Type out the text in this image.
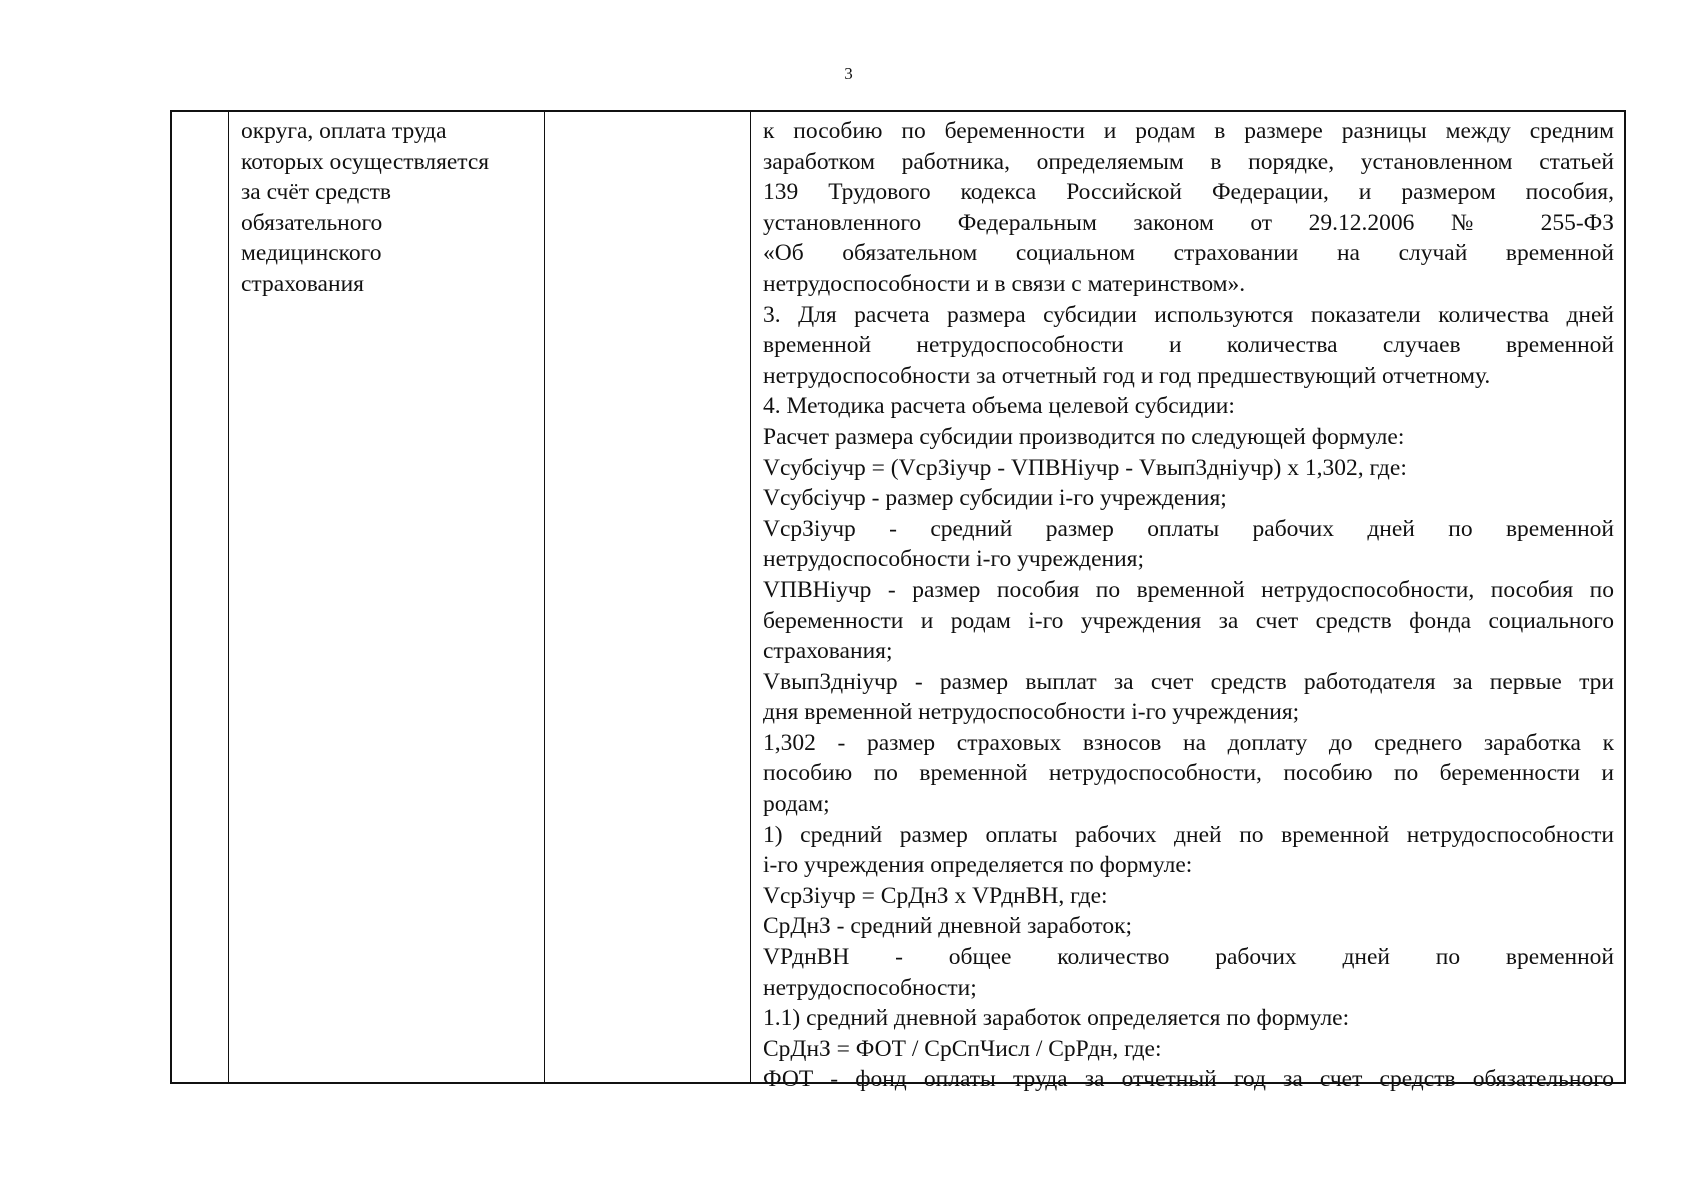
3
округа, оплата труда
которых осуществляется
за счёт средств
обязательного
медицинского
страхования
к пособию по беременности и родам в размере разницы между средним
заработком работника, определяемым в порядке, установленном статьей
139 Трудового кодекса Российской Федерации, и размером пособия,
установленного Федеральным законом от 29.12.2006 № 255-ФЗ
«Об обязательном социальном страховании на случай временной
нетрудоспособности и в связи с материнством».
3. Для расчета размера субсидии используются показатели количества дней
временной нетрудоспособности и количества случаев временной
нетрудоспособности за отчетный год и год предшествующий отчетному.
4. Методика расчета объема целевой субсидии:
Расчет размера субсидии производится по следующей формуле:
Vсубсiучр = (VсрЗiучр - VПВНiучр - Vвып3днiучр) х 1,302, где:
Vсубсiучр - размер субсидии i-го учреждения;
VсрЗiучр - средний размер оплаты рабочих дней по временной
нетрудоспособности i-го учреждения;
VПВНiучр - размер пособия по временной нетрудоспособности, пособия по
беременности и родам i-го учреждения за счет средств фонда социального
страхования;
Vвып3днiучр - размер выплат за счет средств работодателя за первые три
дня временной нетрудоспособности i-го учреждения;
1,302 - размер страховых взносов на доплату до среднего заработка к
пособию по временной нетрудоспособности, пособию по беременности и
родам;
1) средний размер оплаты рабочих дней по временной нетрудоспособности
i-го учреждения определяется по формуле:
VсрЗiучр = СрДнЗ х VРднВН, где:
СрДнЗ - средний дневной заработок;
VРднВН - общее количество рабочих дней по временной
нетрудоспособности;
1.1) средний дневной заработок определяется по формуле:
СрДнЗ = ФОТ / СрСпЧисл / СрРдн, где:
ФОТ - фонд оплаты труда за отчетный год за счет средств обязательного
